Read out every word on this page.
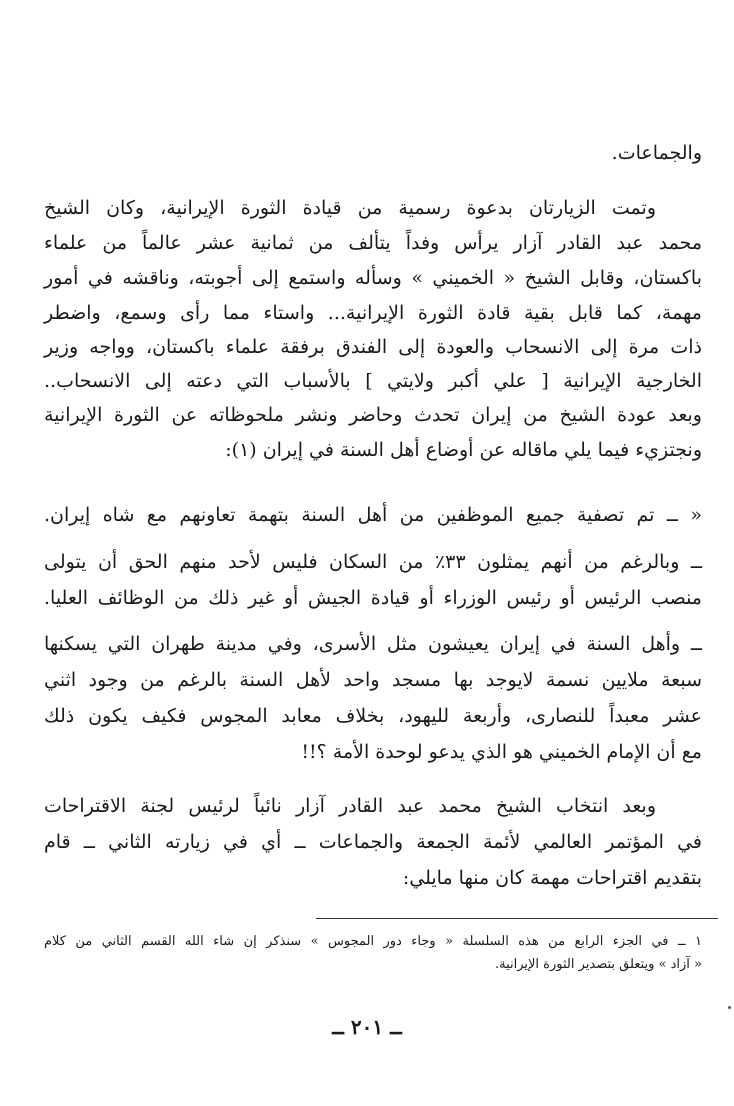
والجماعات.
وتمت الزيارتان بدعوة رسمية من قيادة الثورة الإيرانية، وكان الشيخ
محمد عبد القادر آزار يرأس وفداً يتألف من ثمانية عشر عالماً من علماء
باكستان، وقابل الشيخ « الخميني » وسأله واستمع إلى أجوبته، وناقشه في أمور
مهمة، كما قابل بقية قادة الثورة الإيرانية... واستاء مما رأى وسمع، واضطر
ذات مرة إلى الانسحاب والعودة إلى الفندق برفقة علماء باكستان، وواجه وزير
الخارجية الإيرانية [ علي أكبر ولايتي ] بالأسباب التي دعته إلى الانسحاب..
وبعد عودة الشيخ من إيران تحدث وحاضر ونشر ملحوظاته عن الثورة الإيرانية
ونجتزيء فيما يلي ماقاله عن أوضاع أهل السنة في إيران (١):
« ــ تم تصفية جميع الموظفين من أهل السنة بتهمة تعاونهم مع شاه إيران.
ــ وبالرغم من أنهم يمثلون ٣٣٪ من السكان فليس لأحد منهم الحق أن يتولى
منصب الرئيس أو رئيس الوزراء أو قيادة الجيش أو غير ذلك من الوظائف العليا.
ــ وأهل السنة في إيران يعيشون مثل الأسرى، وفي مدينة طهران التي يسكنها
سبعة ملايين نسمة لايوجد بها مسجد واحد لأهل السنة بالرغم من وجود اثني
عشر معبداً للنصارى، وأربعة لليهود، بخلاف معابد المجوس فكيف يكون ذلك
مع أن الإمام الخميني هو الذي يدعو لوحدة الأمة ؟!!
وبعد انتخاب الشيخ محمد عبد القادر آزار نائباً لرئيس لجنة الاقتراحات
في المؤتمر العالمي لأئمة الجمعة والجماعات ــ أي في زيارته الثاني ــ قام
بتقديم اقتراحات مهمة كان منها مايلي:
١ ــ في الجزء الرابع من هذه السلسلة « وجاء دور المجوس » سنذكر إن شاء الله القسم الثاني من كلام
« آزاد » ويتعلق بتصدير الثورة الإيرانية.
ــ ٢٠١ ــ
